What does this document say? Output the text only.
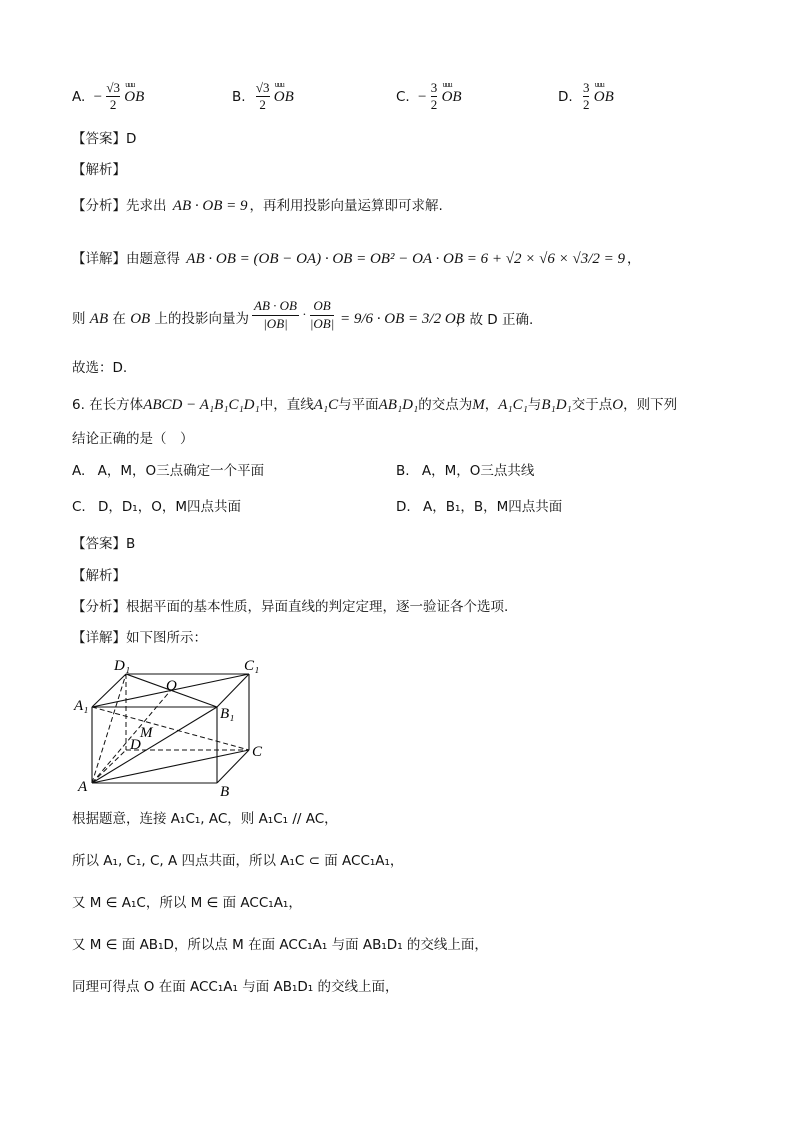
A. − $\frac{√3}{2}$ uuu OB	B. $\frac{√3}{2}$ uuu OB	C. − $\frac{3}{2}$ uuu OB	D. $\frac{3}{2}$ uuu OB
【答案】D
【解析】
【分析】先求出 AB · OB = 9 ，再利用投影向量运算即可求解.
【详解】由题意得 AB · OB = (OB − OA) · OB = OB² − OA · OB = 6 + √2 × √6 × √3/2 = 9 ，
则 AB 在 OB 上的投影向量为 $\frac{AB \cdot OB}{|OB|} \cdot \frac{OB}{|OB|} = 9/6$ · OB = 3/2 OB
，故 D 正确.
故选：D.
6. 在长方体ABCD − A₁B₁C₁D₁中，直线A₁C与平面AB₁D₁的交点为M，A₁C₁与B₁D₁交于点O，则下列
结论正确的是（　）
A. A，M，O三点确定一个平面	B. A，M，O三点共线
C. D，D₁，O，M四点共面	D. A，B₁，B，M四点共面
【答案】B
【解析】
【分析】根据平面的基本性质，异面直线的判定定理，逐一验证各个选项.
【详解】如下图所示：
D₁	C₁
O
A₁	B₁
M
D	C
A	B
根据题意，连接 A₁C₁, AC，则 A₁C₁ // AC，
所以 A₁, C₁, C, A 四点共面，所以 A₁C ⊂ 面 ACC₁A₁，
又 M ∈ A₁C，所以 M ∈ 面 ACC₁A₁，
又 M ∈ 面 AB₁D，所以点 M 在面 ACC₁A₁ 与面 AB₁D₁ 的交线上面，
同理可得点 O 在面 ACC₁A₁ 与面 AB₁D₁ 的交线上面，
